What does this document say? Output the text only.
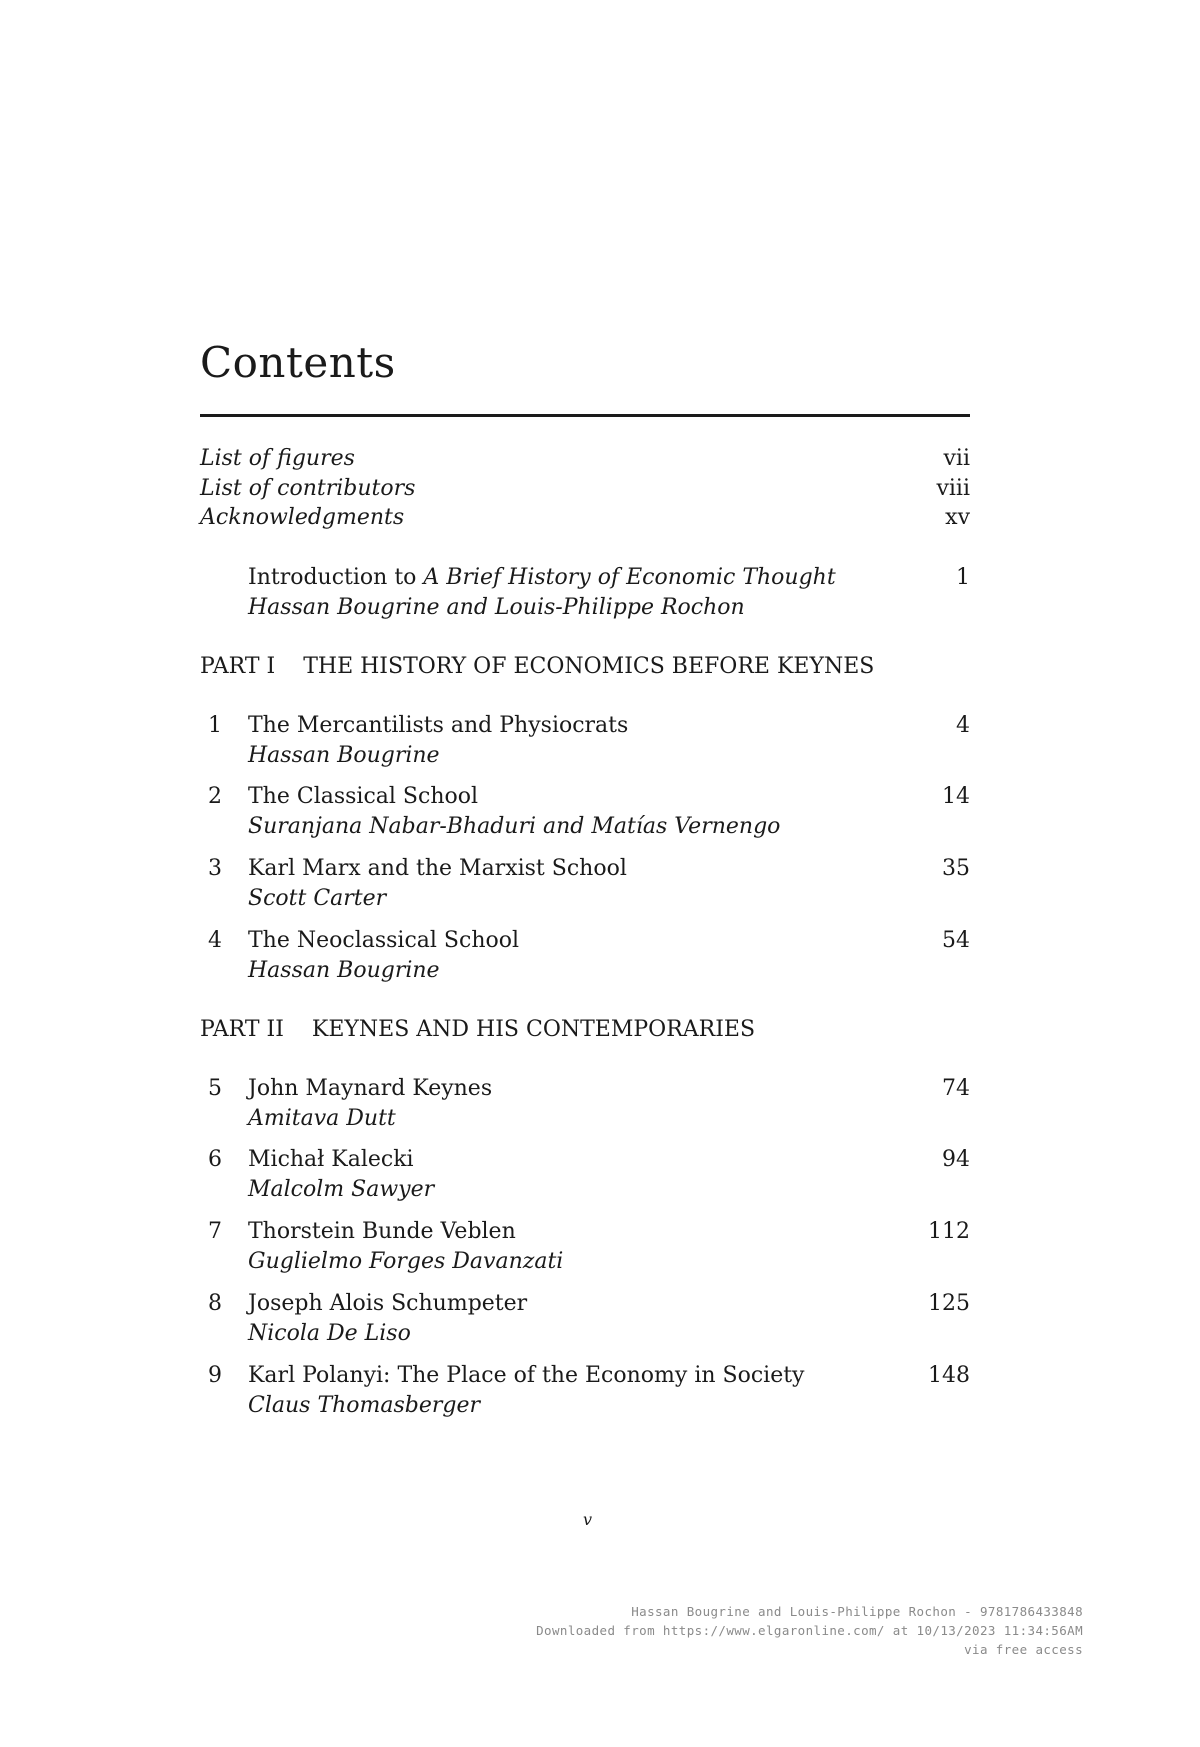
Contents
List of figures	vii
List of contributors	viii
Acknowledgments	xv
Introduction to A Brief History of Economic Thought	1
Hassan Bougrine and Louis-Philippe Rochon
PART I THE HISTORY OF ECONOMICS BEFORE KEYNES
1 The Mercantilists and Physiocrats	4
Hassan Bougrine
2 The Classical School	14
Suranjana Nabar-Bhaduri and Matías Vernengo
3 Karl Marx and the Marxist School	35
Scott Carter
4 The Neoclassical School	54
Hassan Bougrine
PART II KEYNES AND HIS CONTEMPORARIES
5 John Maynard Keynes	74
Amitava Dutt
6 Michał Kalecki	94
Malcolm Sawyer
7 Thorstein Bunde Veblen	112
Guglielmo Forges Davanzati
8 Joseph Alois Schumpeter	125
Nicola De Liso
9 Karl Polanyi: The Place of the Economy in Society	148
Claus Thomasberger
v
Hassan Bougrine and Louis-Philippe Rochon - 9781786433848
Downloaded from https://www.elgaronline.com/ at 10/13/2023 11:34:56AM
via free access
